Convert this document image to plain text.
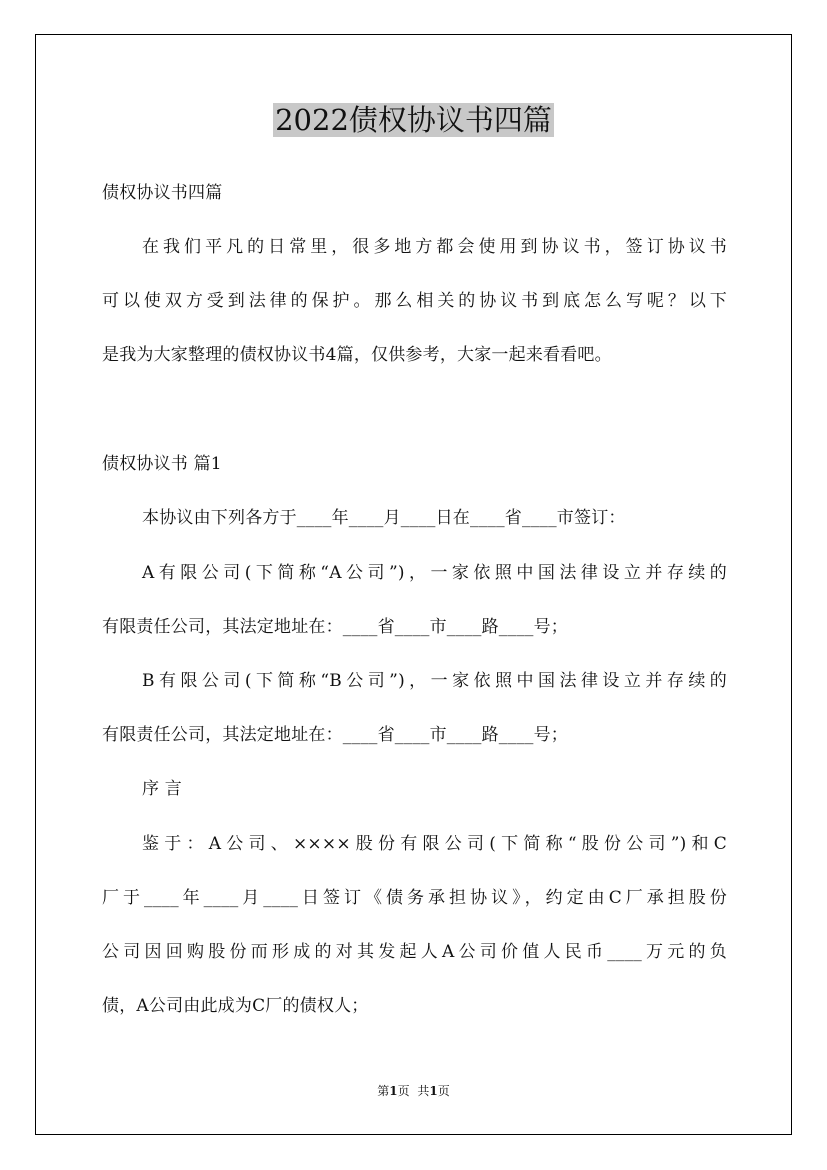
2022债权协议书四篇
债权协议书四篇
在我们平凡的日常里，很多地方都会使用到协议书，签订协议书
可以使双方受到法律的保护。那么相关的协议书到底怎么写呢？以下
是我为大家整理的债权协议书4篇，仅供参考，大家一起来看看吧。
债权协议书 篇1
本协议由下列各方于____年____月____日在____省____市签订：
A有限公司(下简称“A公司”)，一家依照中国法律设立并存续的
有限责任公司，其法定地址在：____省____市____路____号；
B有限公司(下简称“B公司”)，一家依照中国法律设立并存续的
有限责任公司，其法定地址在：____省____市____路____号；
序 言
鉴于：A公司、××××股份有限公司(下简称“股份公司”)和C
厂于____年____月____日签订《债务承担协议》，约定由C厂承担股份
公司因回购股份而形成的对其发起人A公司价值人民币____万元的负
债，A公司由此成为C厂的债权人；
第1页 共1页
